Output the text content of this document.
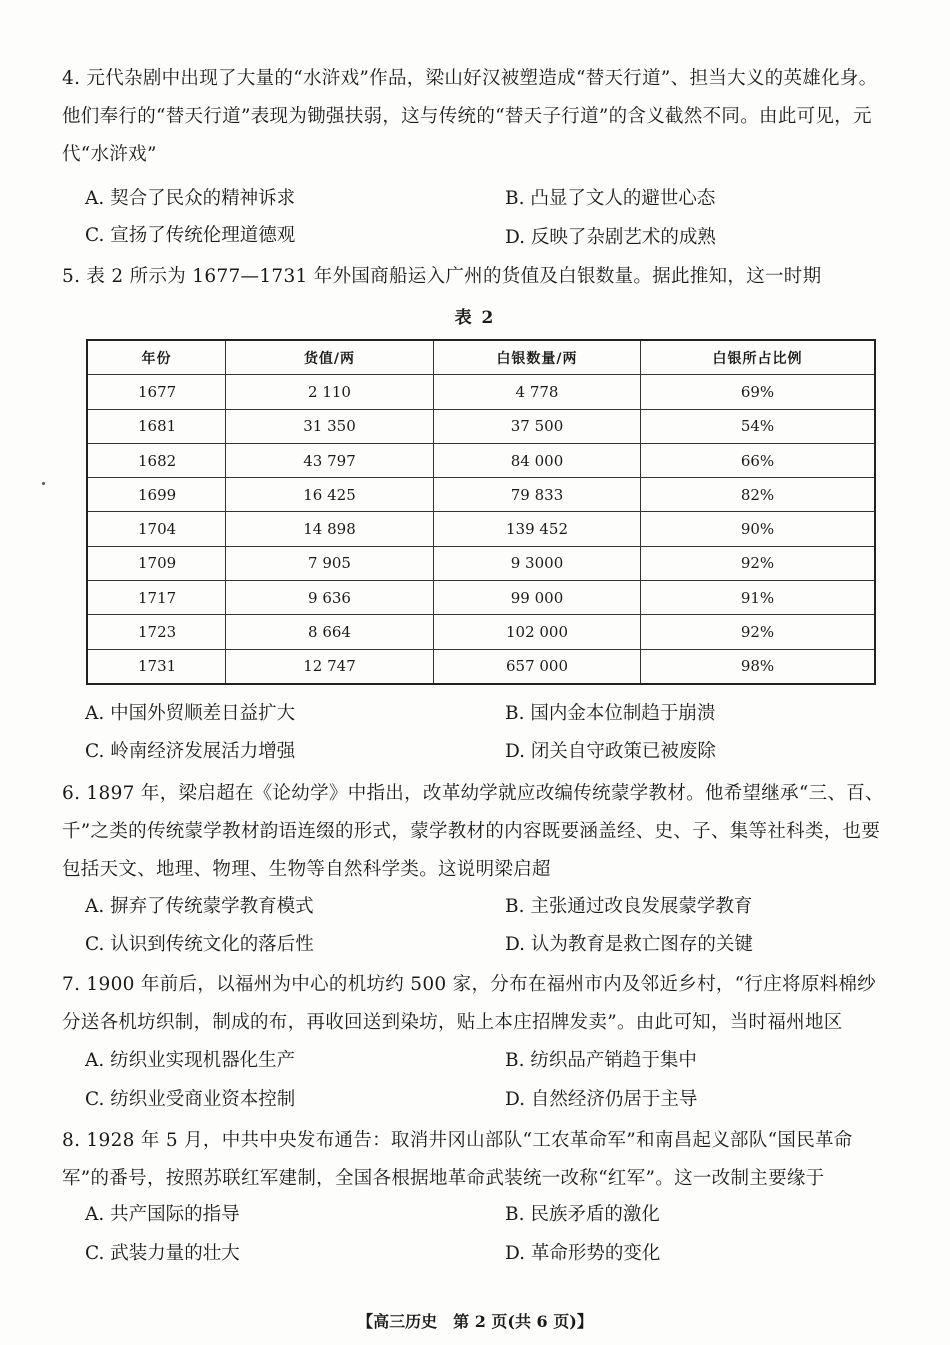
4. 元代杂剧中出现了大量的“水浒戏”作品，梁山好汉被塑造成“替天行道”、担当大义的英雄化身。他们奉行的“替天行道”表现为锄强扶弱，这与传统的“替天子行道”的含义截然不同。由此可见，元代“水浒戏”
A. 契合了民众的精神诉求	B. 凸显了文人的避世心态
C. 宣扬了传统伦理道德观	D. 反映了杂剧艺术的成熟
5. 表 2 所示为 1677—1731 年外国商船运入广州的货值及白银数量。据此推知，这一时期
表 2
年份	货值/两	白银数量/两	白银所占比例
1677	2 110	4 778	69%
1681	31 350	37 500	54%
1682	43 797	84 000	66%
1699	16 425	79 833	82%
1704	14 898	139 452	90%
1709	7 905	9 3000	92%
1717	9 636	99 000	91%
1723	8 664	102 000	92%
1731	12 747	657 000	98%
A. 中国外贸顺差日益扩大	B. 国内金本位制趋于崩溃
C. 岭南经济发展活力增强	D. 闭关自守政策已被废除
6. 1897 年，梁启超在《论幼学》中指出，改革幼学就应改编传统蒙学教材。他希望继承“三、百、千”之类的传统蒙学教材韵语连缀的形式，蒙学教材的内容既要涵盖经、史、子、集等社科类，也要包括天文、地理、物理、生物等自然科学类。这说明梁启超
A. 摒弃了传统蒙学教育模式	B. 主张通过改良发展蒙学教育
C. 认识到传统文化的落后性	D. 认为教育是救亡图存的关键
7. 1900 年前后，以福州为中心的机坊约 500 家，分布在福州市内及邻近乡村，“行庄将原料棉纱分送各机坊织制，制成的布，再收回送到染坊，贴上本庄招牌发卖”。由此可知，当时福州地区
A. 纺织业实现机器化生产	B. 纺织品产销趋于集中
C. 纺织业受商业资本控制	D. 自然经济仍居于主导
8. 1928 年 5 月，中共中央发布通告：取消井冈山部队“工农革命军”和南昌起义部队“国民革命军”的番号，按照苏联红军建制，全国各根据地革命武装统一改称“红军”。这一改制主要缘于
A. 共产国际的指导	B. 民族矛盾的激化
C. 武装力量的壮大	D. 革命形势的变化
【高三历史　第 2 页(共 6 页)】
